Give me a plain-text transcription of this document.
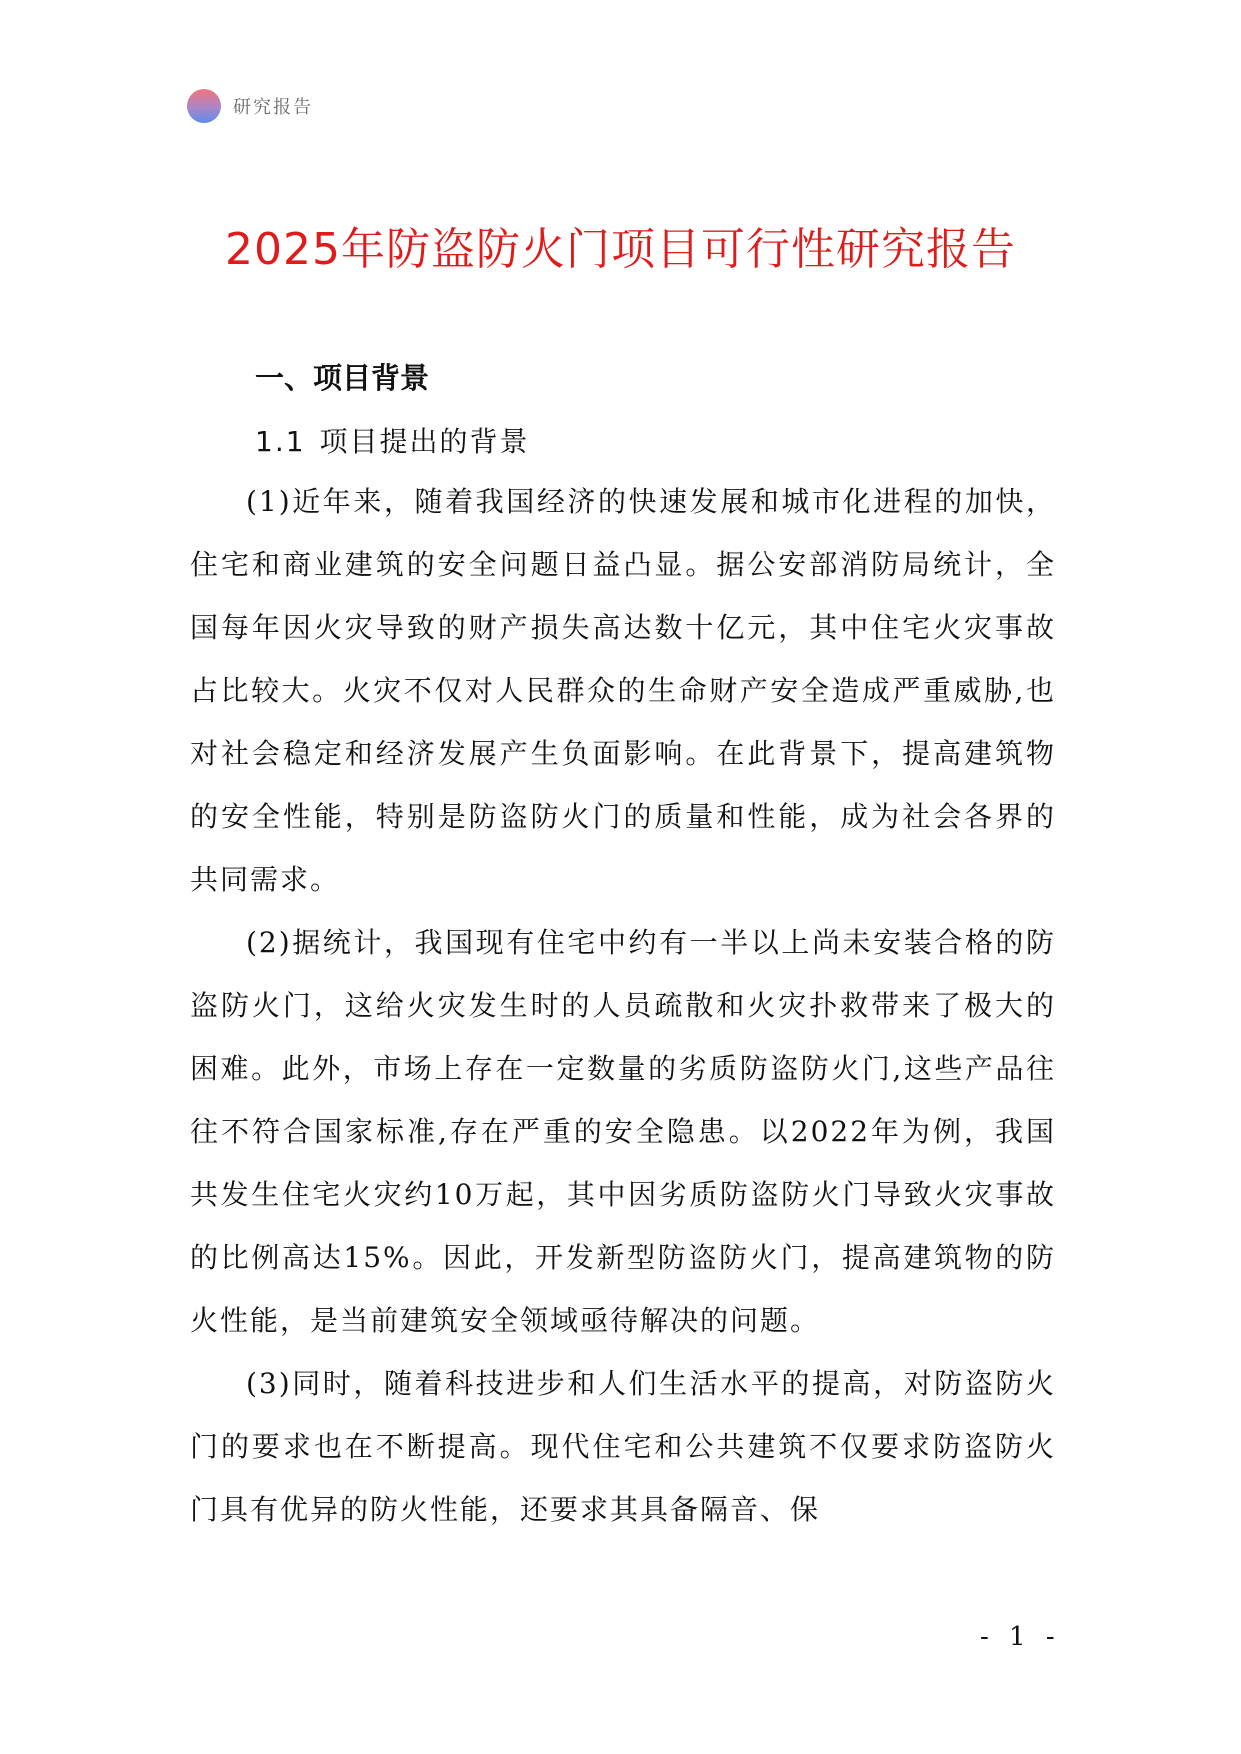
研究报告
2025年防盗防火门项目可行性研究报告
一、项目背景
1.1 项目提出的背景

(1)近年来，随着我国经济的快速发展和城市化进程的加快，住宅和商业建筑的安全问题日益凸显。据公安部消防局统计，全国每年因火灾导致的财产损失高达数十亿元，其中住宅火灾事故占比较大。火灾不仅对人民群众的生命财产安全造成严重威胁,也对社会稳定和经济发展产生负面影响。在此背景下，提高建筑物的安全性能，特别是防盗防火门的质量和性能，成为社会各界的共同需求。

(2)据统计，我国现有住宅中约有一半以上尚未安装合格的防盗防火门，这给火灾发生时的人员疏散和火灾扑救带来了极大的困难。此外，市场上存在一定数量的劣质防盗防火门,这些产品往往不符合国家标准,存在严重的安全隐患。以2022年为例，我国共发生住宅火灾约10万起，其中因劣质防盗防火门导致火灾事故的比例高达15%。因此，开发新型防盗防火门，提高建筑物的防火性能，是当前建筑安全领域亟待解决的问题。

(3)同时，随着科技进步和人们生活水平的提高，对防盗防火门的要求也在不断提高。现代住宅和公共建筑不仅要求防盗防火门具有优异的防火性能，还要求其具备隔音、保

- 1 -
